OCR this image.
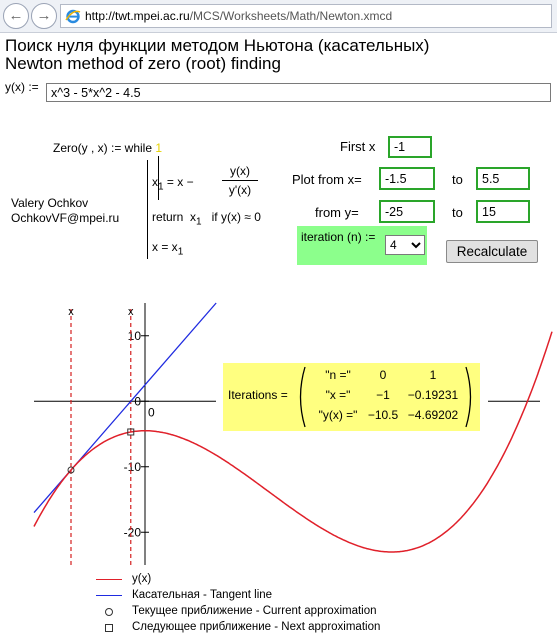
← →	http://twt.mpei.ac.ru/MCS/Worksheets/Math/Newton.xmcd
Поиск нуля функции методом Ньютона (касательных)
Newton method of zero (root) finding
y(x) :=
x^3 - 5*x^2 - 4.5
Zero(y , x) := while 1
$x_1 = x$ −
y(x)
y'(x)
return $x_1$ if y(x) ≈ 0
$x = x_1$
Valery Ochkov
OchkovVF@mpei.ru
First x
-1
Plot from x=
-1.5	to
5.5
from y=
-25	to
15
iteration (n) :=
4
Recalculate
10
0
-10
-20
0
x	x
Iterations =
"n ="	0	1
"x ="	−1	−0.19231
"y(x) =" −10.5 −4.69202
y(x)
Касательная - Tangent line
Текущее приближение - Current approximation
Следующее приближение - Next approximation
